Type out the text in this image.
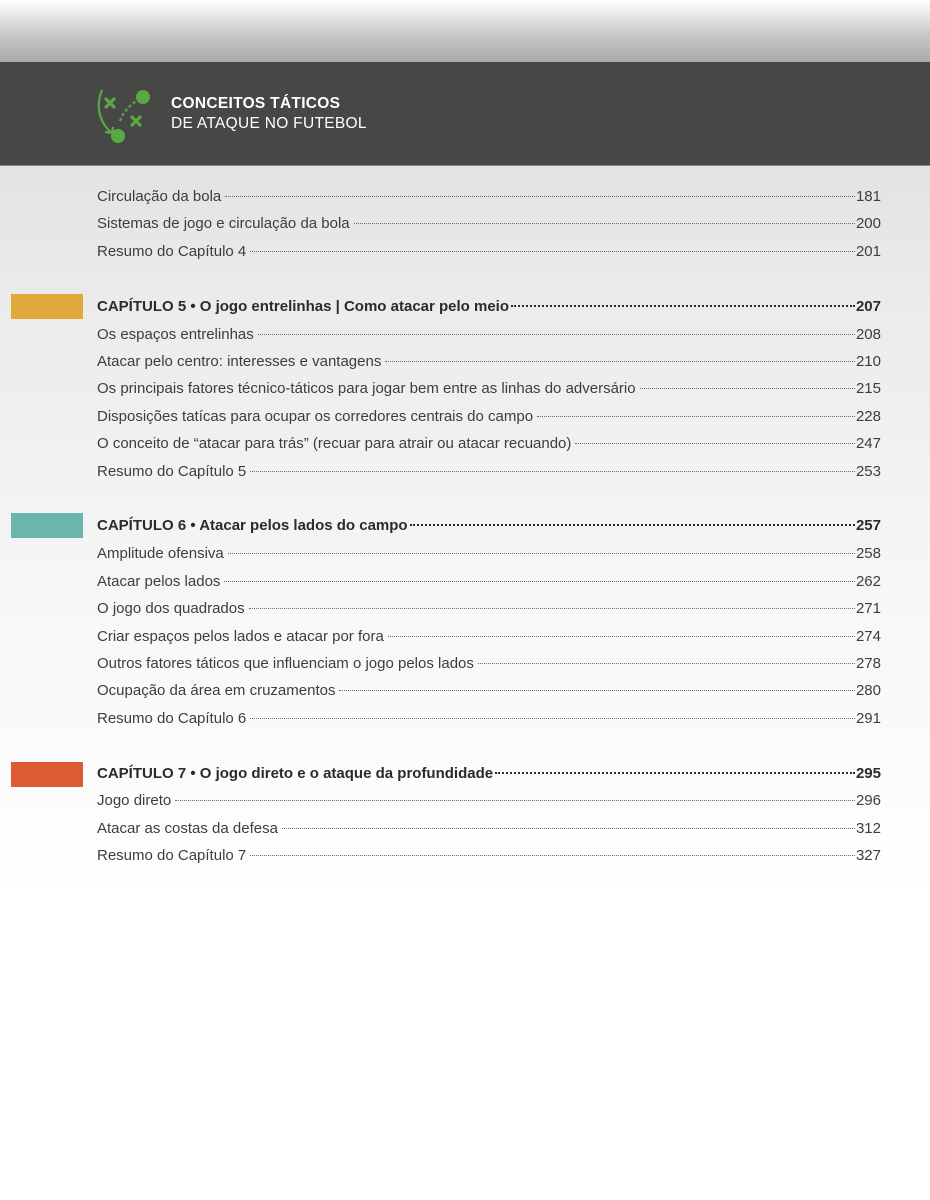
CONCEITOS TÁTICOS
DE ATAQUE NO FUTEBOL
Circulação da bola	181
Sistemas de jogo e circulação da bola	200
Resumo do Capítulo 4	201
CAPÍTULO 5 • O jogo entrelinhas | Como atacar pelo meio	207
Os espaços entrelinhas	208
Atacar pelo centro: interesses e vantagens	210
Os principais fatores técnico-táticos para jogar bem entre as linhas do adversário	215
Disposições tatícas para ocupar os corredores centrais do campo	228
O conceito de “atacar para trás” (recuar para atrair ou atacar recuando)	247
Resumo do Capítulo 5	253
CAPÍTULO 6 • Atacar pelos lados do campo	257
Amplitude ofensiva	258
Atacar pelos lados	262
O jogo dos quadrados	271
Criar espaços pelos lados e atacar por fora	274
Outros fatores táticos que influenciam o jogo pelos lados	278
Ocupação da área em cruzamentos	280
Resumo do Capítulo 6	291
CAPÍTULO 7 • O jogo direto e o ataque da profundidade	295
Jogo direto	296
Atacar as costas da defesa	312
Resumo do Capítulo 7	327
